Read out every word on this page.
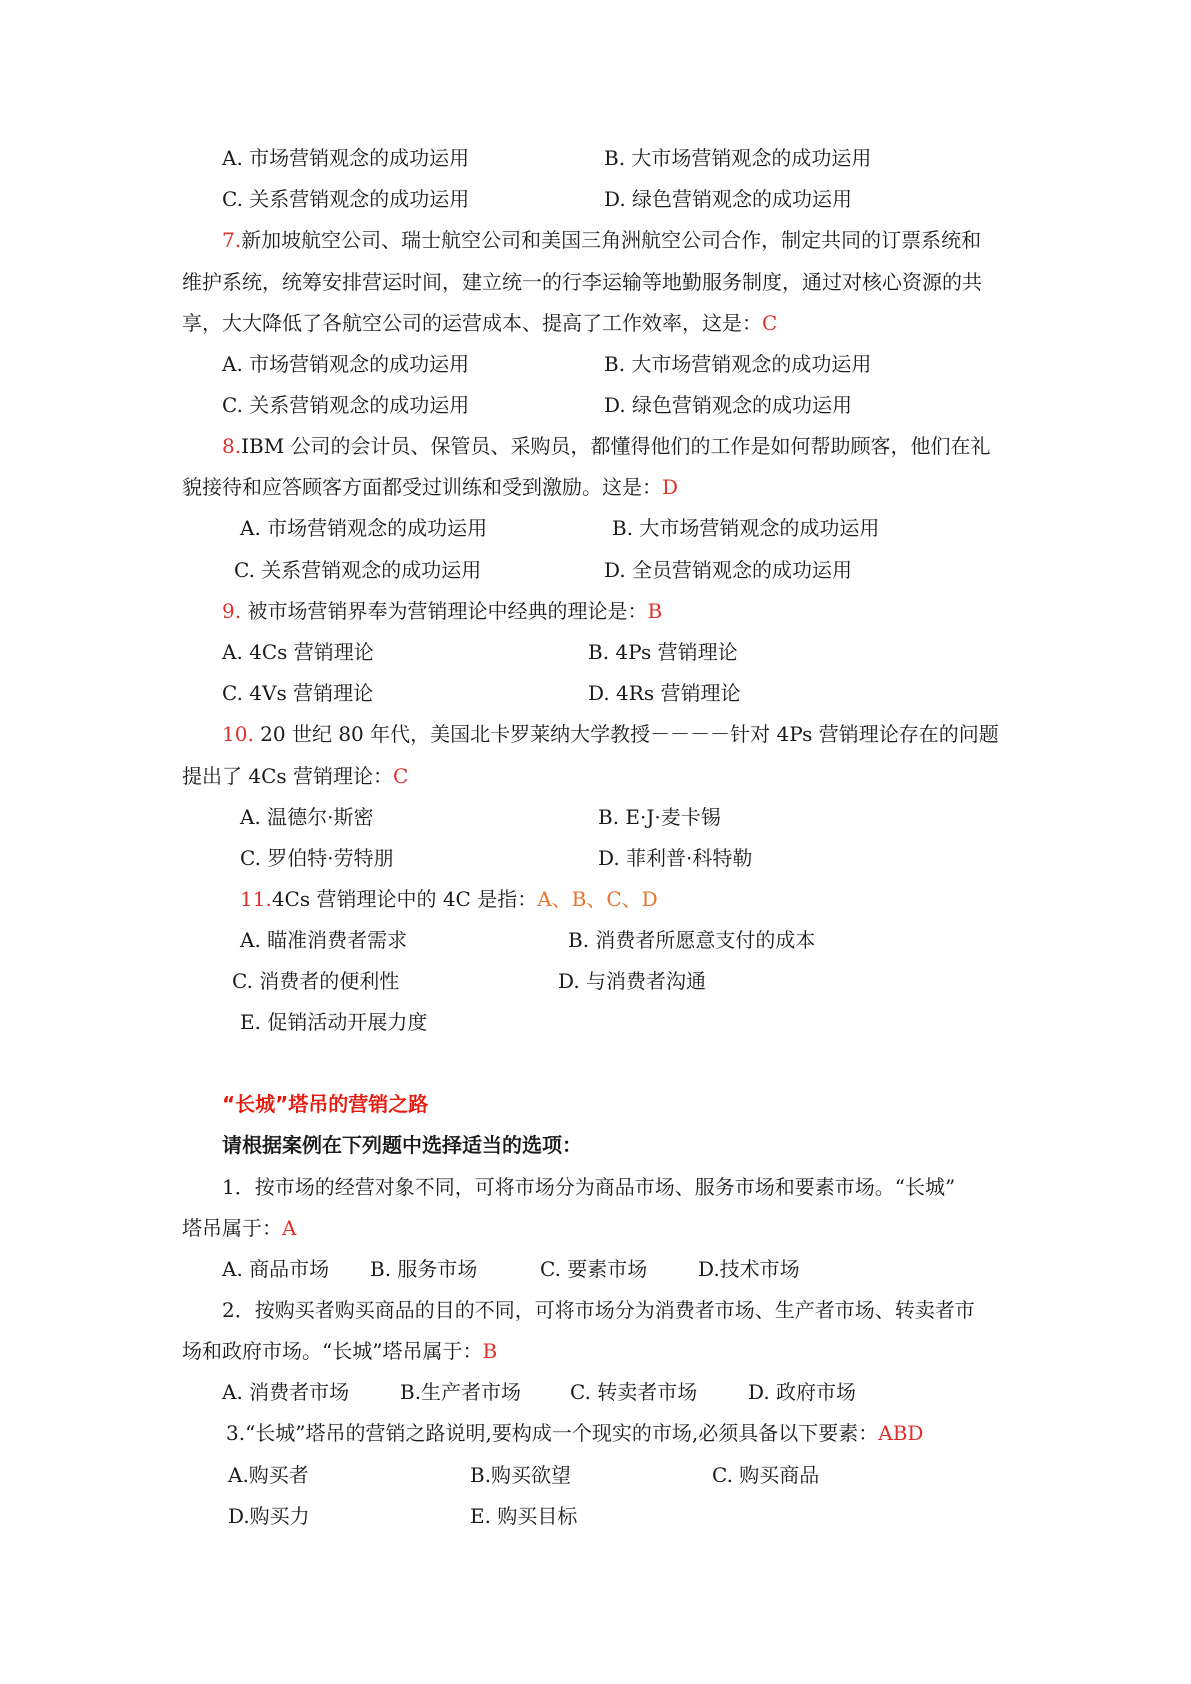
A. 市场营销观念的成功运用	B. 大市场营销观念的成功运用
C. 关系营销观念的成功运用	D. 绿色营销观念的成功运用
7.新加坡航空公司、瑞士航空公司和美国三角洲航空公司合作，制定共同的订票系统和
维护系统，统筹安排营运时间，建立统一的行李运输等地勤服务制度，通过对核心资源的共
享，大大降低了各航空公司的运营成本、提高了工作效率，这是：C
A. 市场营销观念的成功运用	B. 大市场营销观念的成功运用
C. 关系营销观念的成功运用	D. 绿色营销观念的成功运用
8.IBM 公司的会计员、保管员、采购员，都懂得他们的工作是如何帮助顾客，他们在礼
貌接待和应答顾客方面都受过训练和受到激励。这是：D
A. 市场营销观念的成功运用	B. 大市场营销观念的成功运用
C. 关系营销观念的成功运用	D. 全员营销观念的成功运用
9. 被市场营销界奉为营销理论中经典的理论是：B
A. 4Cs 营销理论	B. 4Ps 营销理论
C. 4Vs 营销理论	D. 4Rs 营销理论
10. 20 世纪 80 年代，美国北卡罗莱纳大学教授－－－－针对 4Ps 营销理论存在的问题
提出了 4Cs 营销理论：C
A. 温德尔·斯密	B. E·J·麦卡锡
C. 罗伯特·劳特朋	D. 菲利普·科特勒
11.4Cs 营销理论中的 4C 是指：A、B、C、D
A. 瞄准消费者需求	B. 消费者所愿意支付的成本
C. 消费者的便利性	D. 与消费者沟通
E. 促销活动开展力度
“长城”塔吊的营销之路
请根据案例在下列题中选择适当的选项：
1．按市场的经营对象不同，可将市场分为商品市场、服务市场和要素市场。“长城”
塔吊属于：A
A. 商品市场 B. 服务市场	C. 要素市场	D.技术市场
2．按购买者购买商品的目的不同，可将市场分为消费者市场、生产者市场、转卖者市
场和政府市场。“长城”塔吊属于：B
A. 消费者市场	B.生产者市场 C. 转卖者市场	D. 政府市场
3.“长城”塔吊的营销之路说明,要构成一个现实的市场,必须具备以下要素：ABD
A.购买者	B.购买欲望	C. 购买商品
D.购买力	E. 购买目标
